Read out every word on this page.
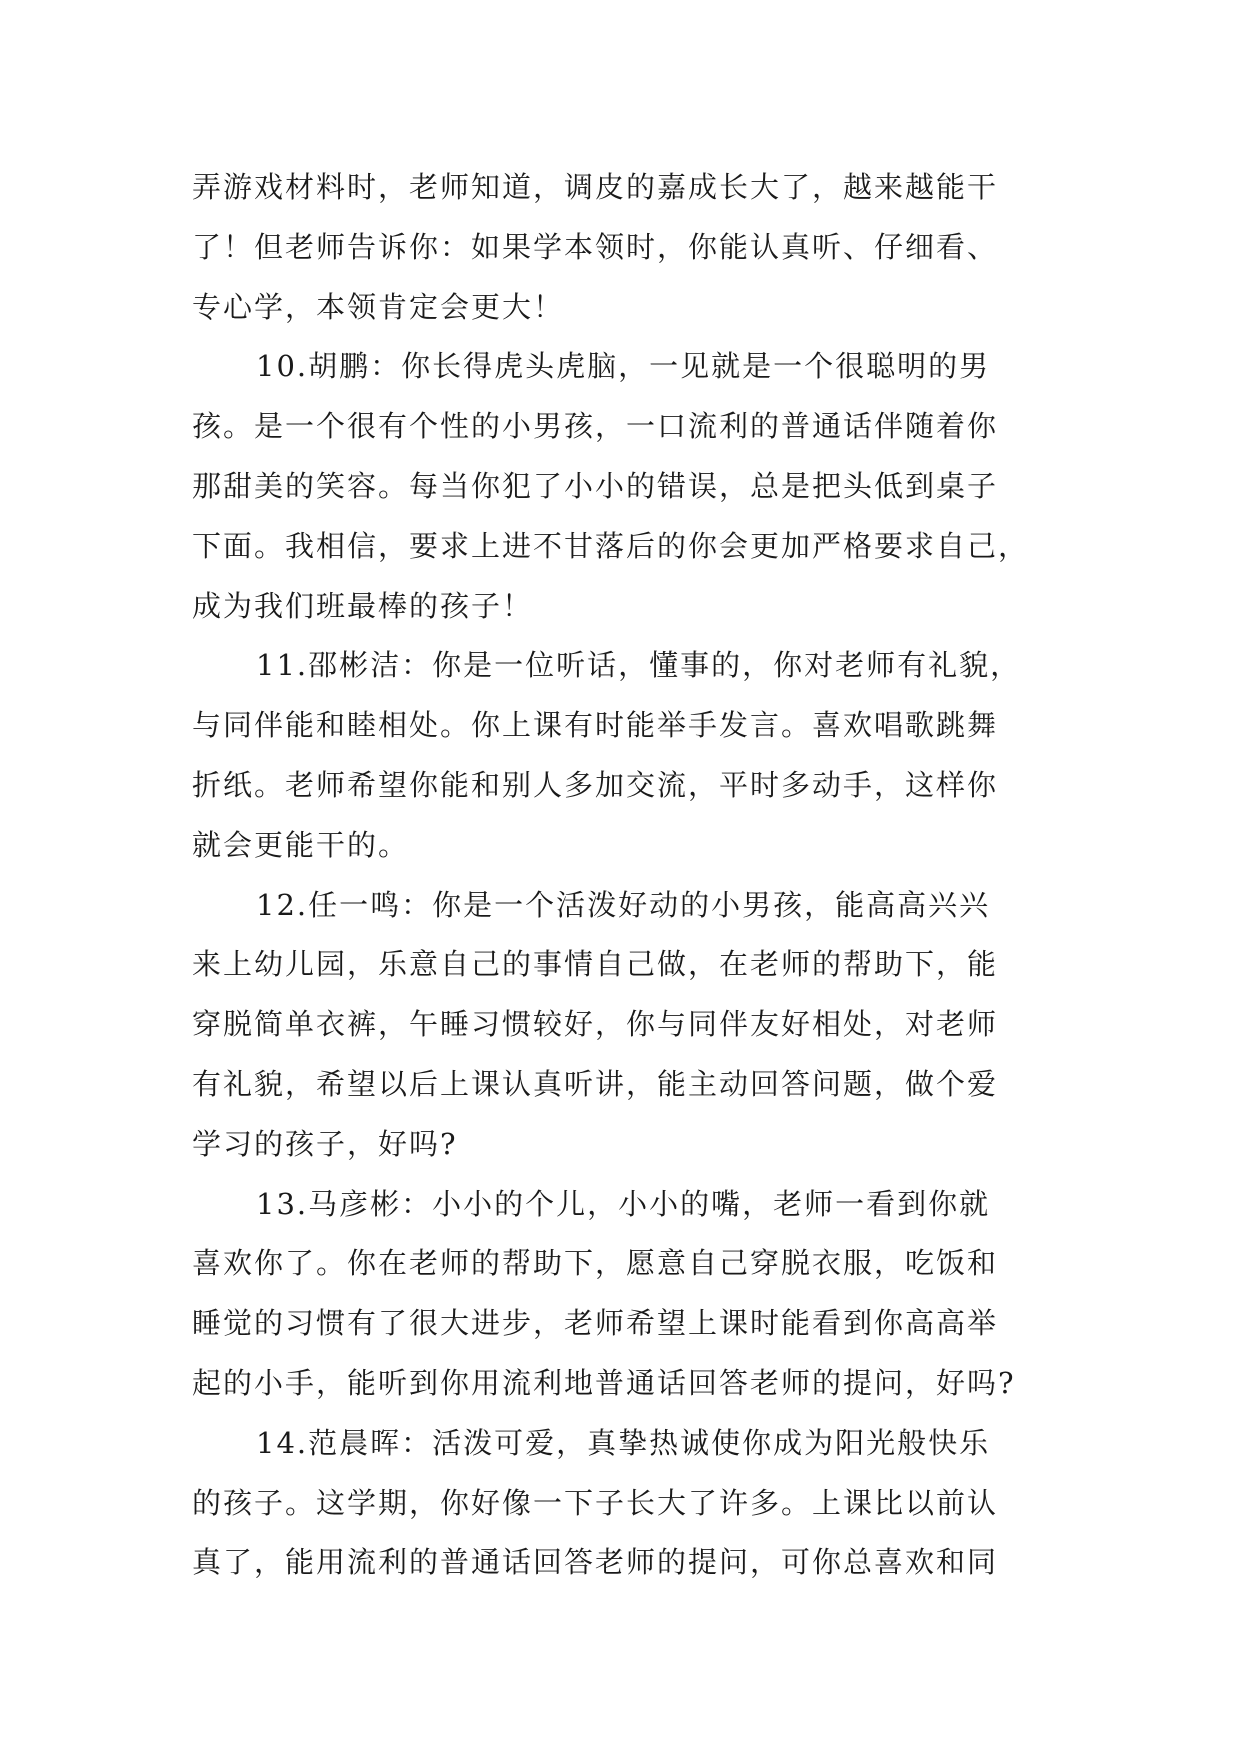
弄游戏材料时，老师知道，调皮的嘉成长大了，越来越能干
了！但老师告诉你：如果学本领时，你能认真听、仔细看、
专心学，本领肯定会更大！
10.胡鹏：你长得虎头虎脑，一见就是一个很聪明的男
孩。是一个很有个性的小男孩，一口流利的普通话伴随着你
那甜美的笑容。每当你犯了小小的错误，总是把头低到桌子
下面。我相信，要求上进不甘落后的你会更加严格要求自己，
成为我们班最棒的孩子！
11.邵彬洁：你是一位听话，懂事的，你对老师有礼貌，
与同伴能和睦相处。你上课有时能举手发言。喜欢唱歌跳舞
折纸。老师希望你能和别人多加交流，平时多动手，这样你
就会更能干的。
12.任一鸣：你是一个活泼好动的小男孩，能高高兴兴
来上幼儿园，乐意自己的事情自己做，在老师的帮助下，能
穿脱简单衣裤，午睡习惯较好，你与同伴友好相处，对老师
有礼貌，希望以后上课认真听讲，能主动回答问题，做个爱
学习的孩子，好吗?
13.马彦彬：小小的个儿，小小的嘴，老师一看到你就
喜欢你了。你在老师的帮助下，愿意自己穿脱衣服，吃饭和
睡觉的习惯有了很大进步，老师希望上课时能看到你高高举
起的小手，能听到你用流利地普通话回答老师的提问，好吗?
14.范晨晖：活泼可爱，真挚热诚使你成为阳光般快乐
的孩子。这学期，你好像一下子长大了许多。上课比以前认
真了，能用流利的普通话回答老师的提问，可你总喜欢和同
